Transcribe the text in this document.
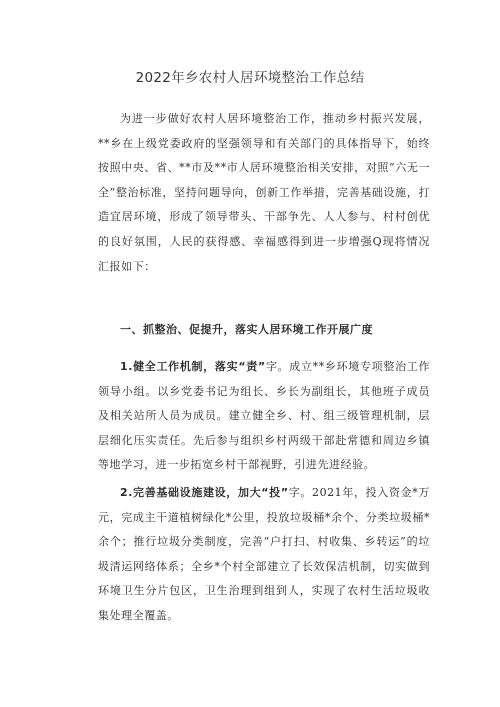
2022年乡农村人居环境整治工作总结

为进一步做好农村人居环境整治工作，推动乡村振兴发展，**乡在上级党委政府的坚强领导和有关部门的具体指导下，始终按照中央、省、**市及**市人居环境整治相关安排，对照“六无一全”整治标准，坚持问题导向，创新工作举措，完善基础设施，打造宜居环境，形成了领导带头、干部争先、人人参与、村村创优的良好氛围，人民的获得感、幸福感得到进一步增强Q现将情况汇报如下：

一、抓整治、促提升，落实人居环境工作开展广度

1.健全工作机制，落实“责”字。成立**乡环境专项整治工作领导小组。以乡党委书记为组长、乡长为副组长，其他班子成员及相关站所人员为成员。建立健全乡、村、组三级管理机制，层层细化压实责任。先后参与组织乡村两级干部赴常德和周边乡镇等地学习，进一步拓宽乡村干部视野，引进先进经验。

2.完善基础设施建设，加大“投”字。2021年，投入资金*万元，完成主干道植树绿化*公里，投放垃圾桶*余个、分类垃圾桶*余个；推行垃圾分类制度，完善“户打扫、村收集、乡转运”的垃圾清运网络体系；全乡*个村全部建立了长效保洁机制，切实做到环境卫生分片包区，卫生治理到组到人，实现了农村生活垃圾收集处理全覆盖。
